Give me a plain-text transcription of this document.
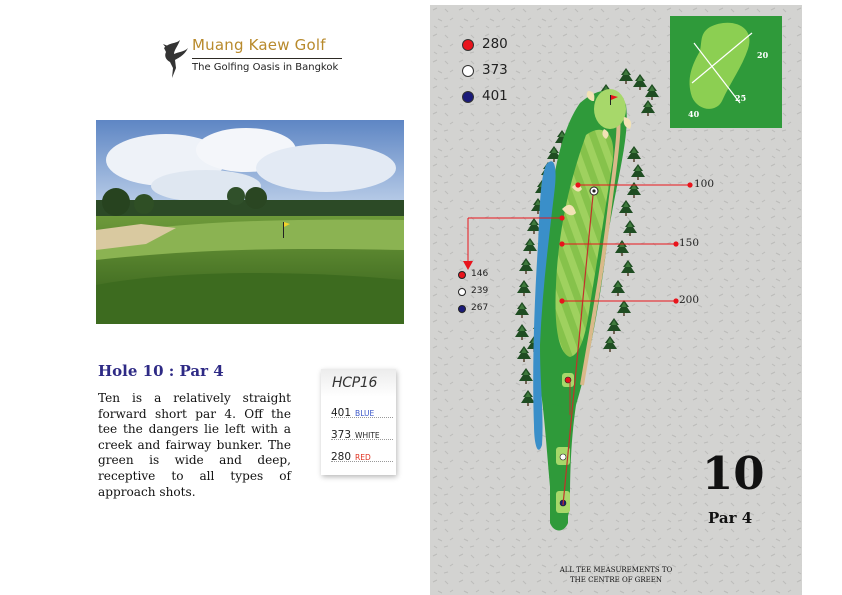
Muang Kaew Golf
The Golfing Oasis in Bangkok
Hole 10 : Par 4
Ten is a relatively straight forward short par 4. Off the tee the dangers lie left with a creek and fairway bunker. The green is wide and deep, receptive to all types of approach shots.
HCP16
401 BLUE
373 WHITE
280 RED
280
373
401
146
239
267
100
150
200
20
25
40
10
Par 4
ALL TEE MEASUREMENTS TO
THE CENTRE OF GREEN
